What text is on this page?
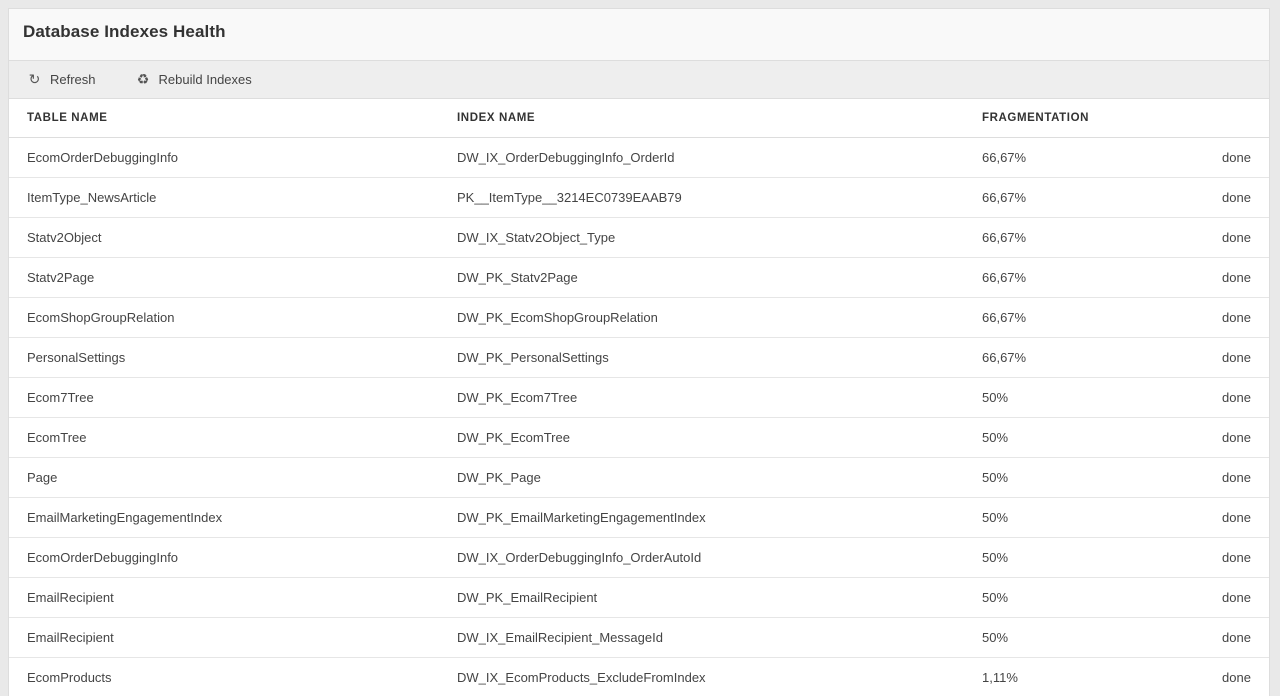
Database Indexes Health
↻ Refresh	♻ Rebuild Indexes
TABLE NAME	INDEX NAME	FRAGMENTATION	
EcomOrderDebuggingInfo	DW_IX_OrderDebuggingInfo_OrderId	66,67%	done
ItemType_NewsArticle	PK__ItemType__3214EC0739EAAB79	66,67%	done
Statv2Object	DW_IX_Statv2Object_Type	66,67%	done
Statv2Page	DW_PK_Statv2Page	66,67%	done
EcomShopGroupRelation	DW_PK_EcomShopGroupRelation	66,67%	done
PersonalSettings	DW_PK_PersonalSettings	66,67%	done
Ecom7Tree	DW_PK_Ecom7Tree	50%	done
EcomTree	DW_PK_EcomTree	50%	done
Page	DW_PK_Page	50%	done
EmailMarketingEngagementIndex	DW_PK_EmailMarketingEngagementIndex	50%	done
EcomOrderDebuggingInfo	DW_IX_OrderDebuggingInfo_OrderAutoId	50%	done
EmailRecipient	DW_PK_EmailRecipient	50%	done
EmailRecipient	DW_IX_EmailRecipient_MessageId	50%	done
EcomProducts	DW_IX_EcomProducts_ExcludeFromIndex	1,11%	done
